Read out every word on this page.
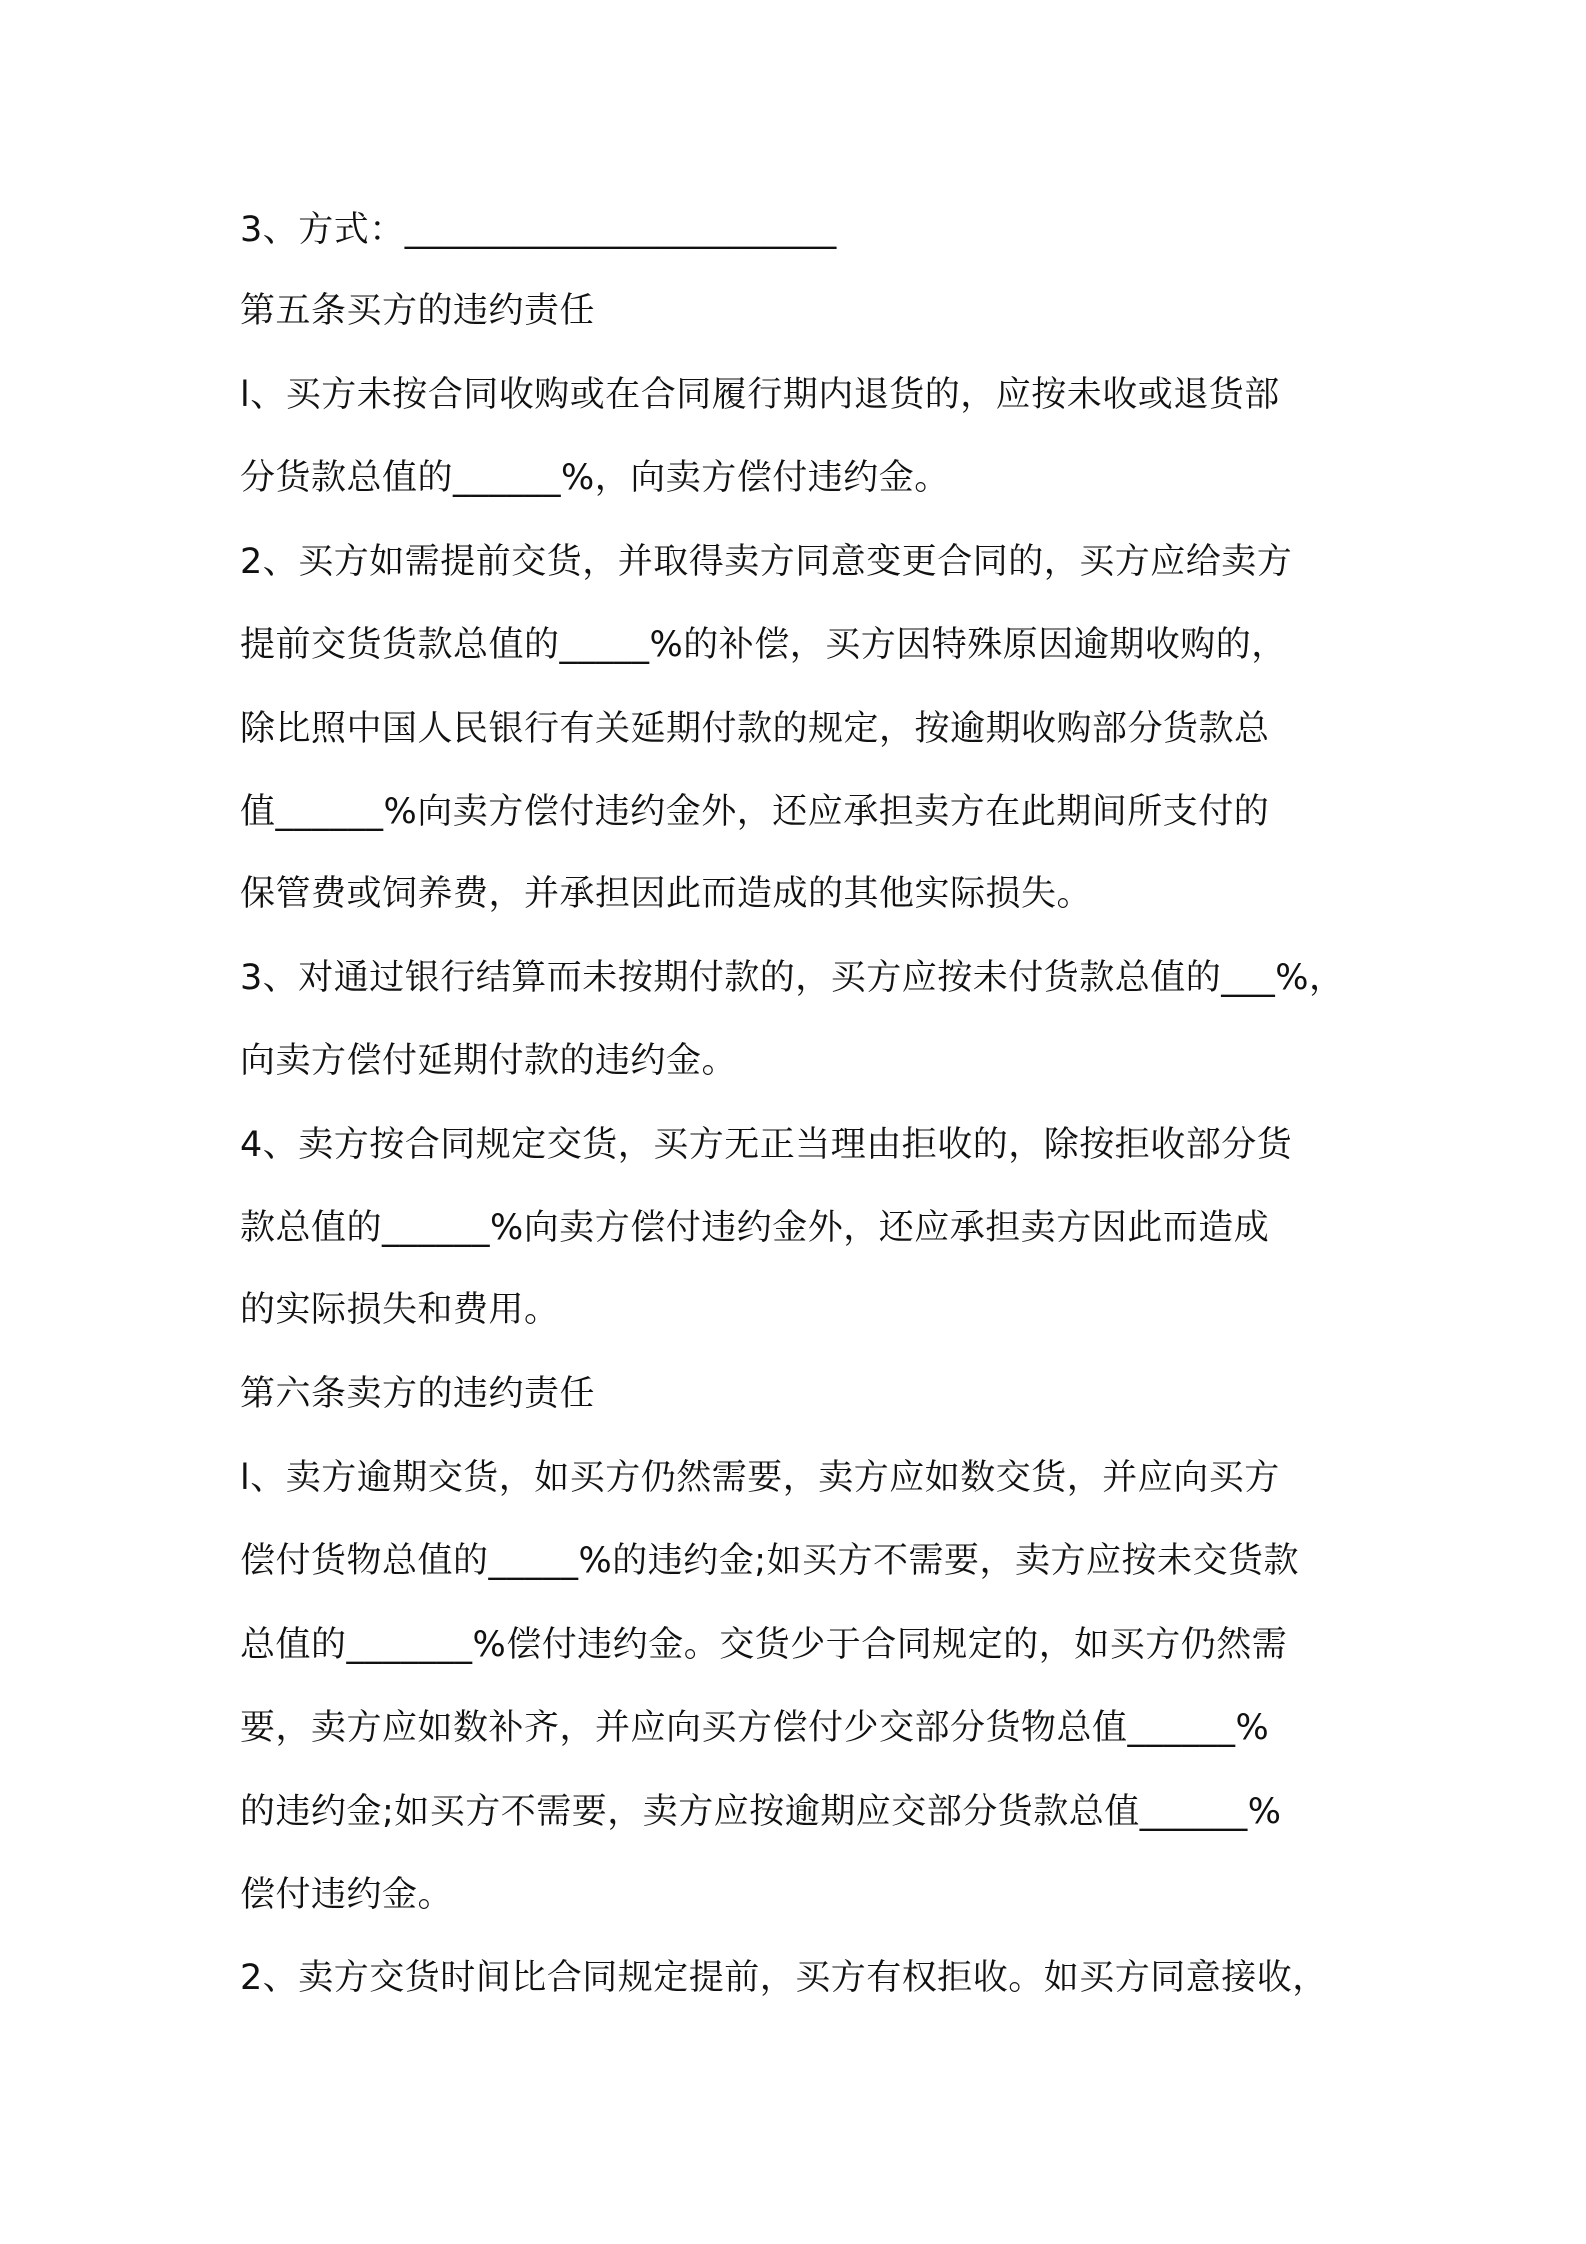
3、方式：________________________

第五条买方的违约责任

l、买方未按合同收购或在合同履行期内退货的，应按未收或退货部

分货款总值的______%，向卖方偿付违约金。

2、买方如需提前交货，并取得卖方同意变更合同的，买方应给卖方

提前交货货款总值的_____%的补偿，买方因特殊原因逾期收购的，

除比照中国人民银行有关延期付款的规定，按逾期收购部分货款总

值______%向卖方偿付违约金外，还应承担卖方在此期间所支付的

保管费或饲养费，并承担因此而造成的其他实际损失。

3、对通过银行结算而未按期付款的，买方应按未付货款总值的___%，

向卖方偿付延期付款的违约金。

4、卖方按合同规定交货，买方无正当理由拒收的，除按拒收部分货

款总值的______%向卖方偿付违约金外，还应承担卖方因此而造成

的实际损失和费用。

第六条卖方的违约责任

l、卖方逾期交货，如买方仍然需要，卖方应如数交货，并应向买方

偿付货物总值的_____%的违约金;如买方不需要，卖方应按未交货款

总值的_______%偿付违约金。交货少于合同规定的，如买方仍然需

要，卖方应如数补齐，并应向买方偿付少交部分货物总值______%

的违约金;如买方不需要，卖方应按逾期应交部分货款总值______%

偿付违约金。

2、卖方交货时间比合同规定提前，买方有权拒收。如买方同意接收，
